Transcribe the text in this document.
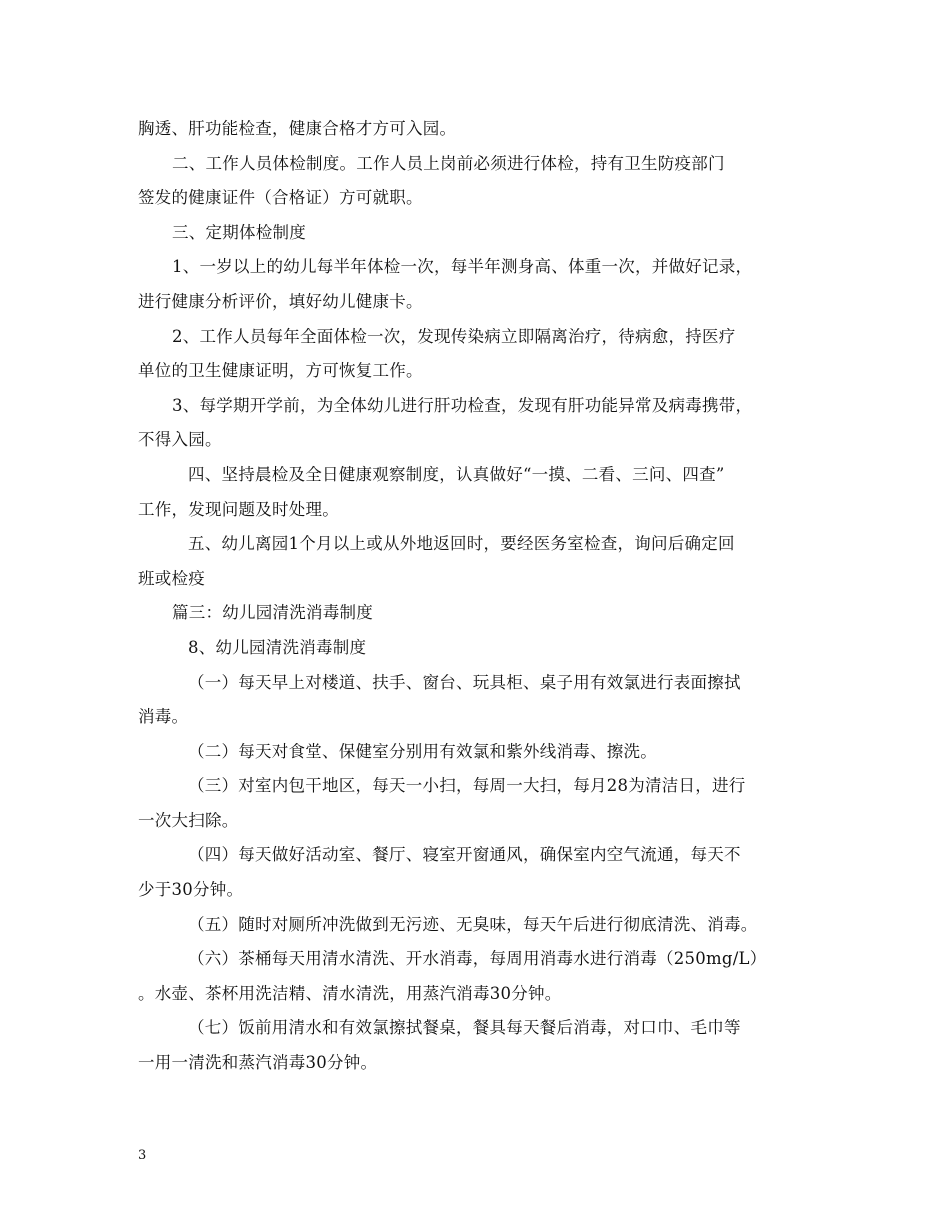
胸透、肝功能检查，健康合格才方可入园。
二、工作人员体检制度。工作人员上岗前必须进行体检，持有卫生防疫部门
签发的健康证件（合格证）方可就职。
三、定期体检制度
1、一岁以上的幼儿每半年体检一次，每半年测身高、体重一次，并做好记录，
进行健康分析评价，填好幼儿健康卡。
2、工作人员每年全面体检一次，发现传染病立即隔离治疗，待病愈，持医疗
单位的卫生健康证明，方可恢复工作。
3、每学期开学前，为全体幼儿进行肝功检查，发现有肝功能异常及病毒携带，
不得入园。
四、坚持晨检及全日健康观察制度，认真做好“一摸、二看、三问、四查”
工作，发现问题及时处理。
五、幼儿离园1个月以上或从外地返回时，要经医务室检查，询问后确定回
班或检疫
篇三：幼儿园清洗消毒制度
8、幼儿园清洗消毒制度
（一）每天早上对楼道、扶手、窗台、玩具柜、桌子用有效氯进行表面擦拭
消毒。
（二）每天对食堂、保健室分别用有效氯和紫外线消毒、擦洗。
（三）对室内包干地区，每天一小扫，每周一大扫，每月28为清洁日，进行
一次大扫除。
（四）每天做好活动室、餐厅、寝室开窗通风，确保室内空气流通，每天不
少于30分钟。
（五）随时对厕所冲洗做到无污迹、无臭味，每天午后进行彻底清洗、消毒。
（六）茶桶每天用清水清洗、开水消毒，每周用消毒水进行消毒（250mg/L）
。水壶、茶杯用洗洁精、清水清洗，用蒸汽消毒30分钟。
（七）饭前用清水和有效氯擦拭餐桌，餐具每天餐后消毒，对口巾、毛巾等
一用一清洗和蒸汽消毒30分钟。
3
